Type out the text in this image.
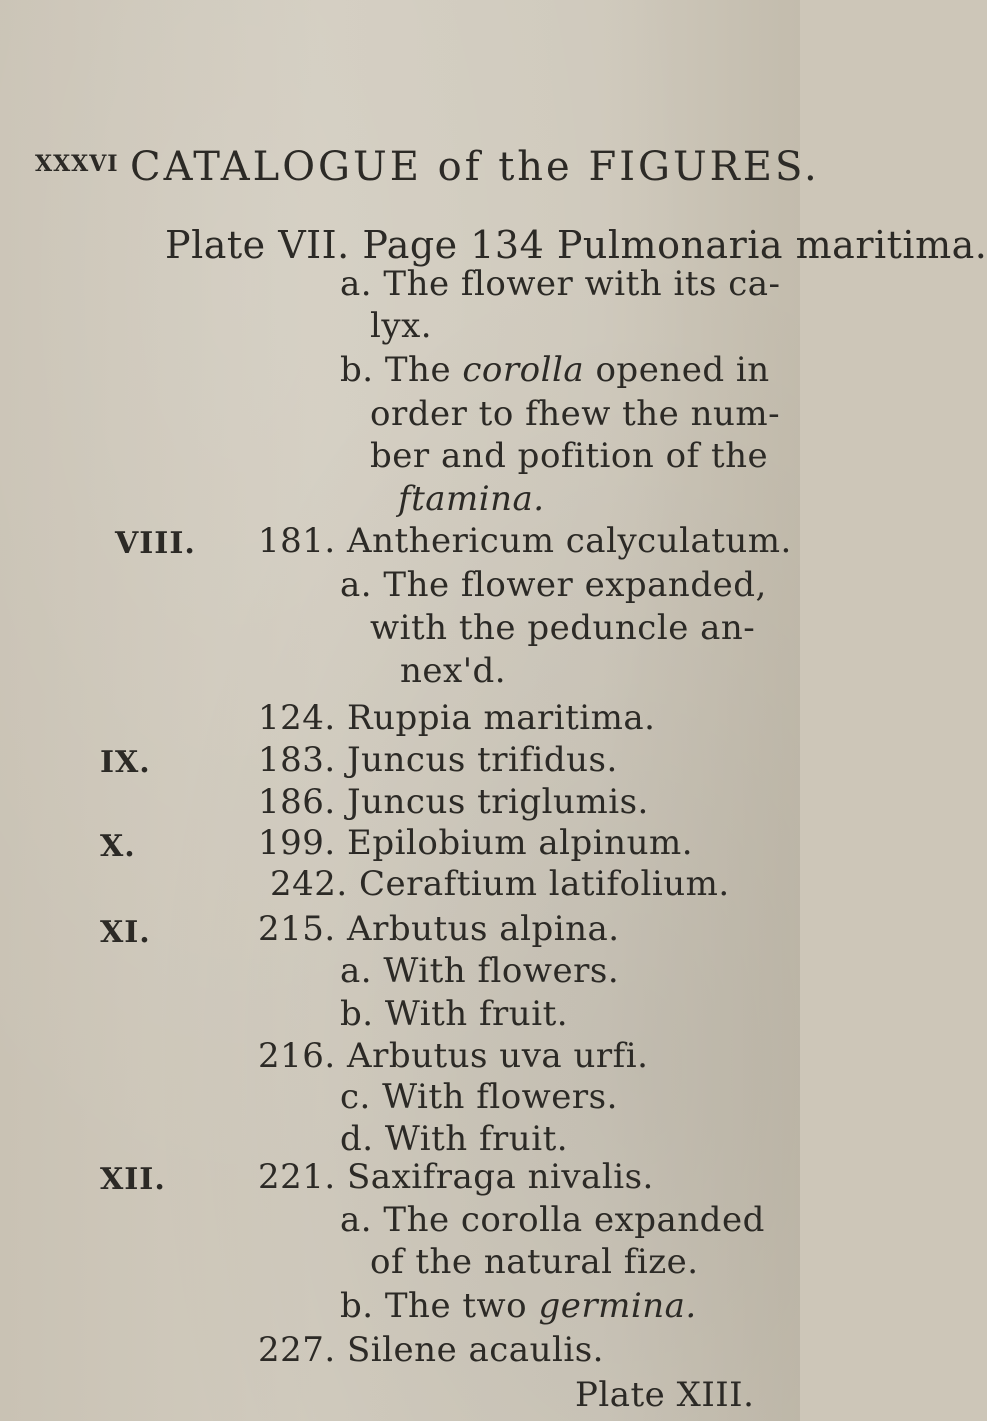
XXXVI CATALOGUE of the FIGURES.
Plate VII. Page 134 Pulmonaria maritima.
a. The flower with its ca-
lyx.
b. The corolla opened in
order to fhew the num-
ber and pofition of the
ftamina.
VIII. 181. Anthericum calyculatum.
a. The flower expanded,
with the peduncle an-
nex'd.
124. Ruppia maritima.
IX.	183. Juncus trifidus.
186. Juncus triglumis.
X.	199. Epilobium alpinum.
242. Ceraftium latifolium.
XI.	215. Arbutus alpina.
a. With flowers.
b. With fruit.
216. Arbutus uva urfi.
c. With flowers.
d. With fruit.
XII.	221. Saxifraga nivalis.
a. The corolla expanded
of the natural fize.
b. The two germina.
227. Silene acaulis.
Plate XIII.
